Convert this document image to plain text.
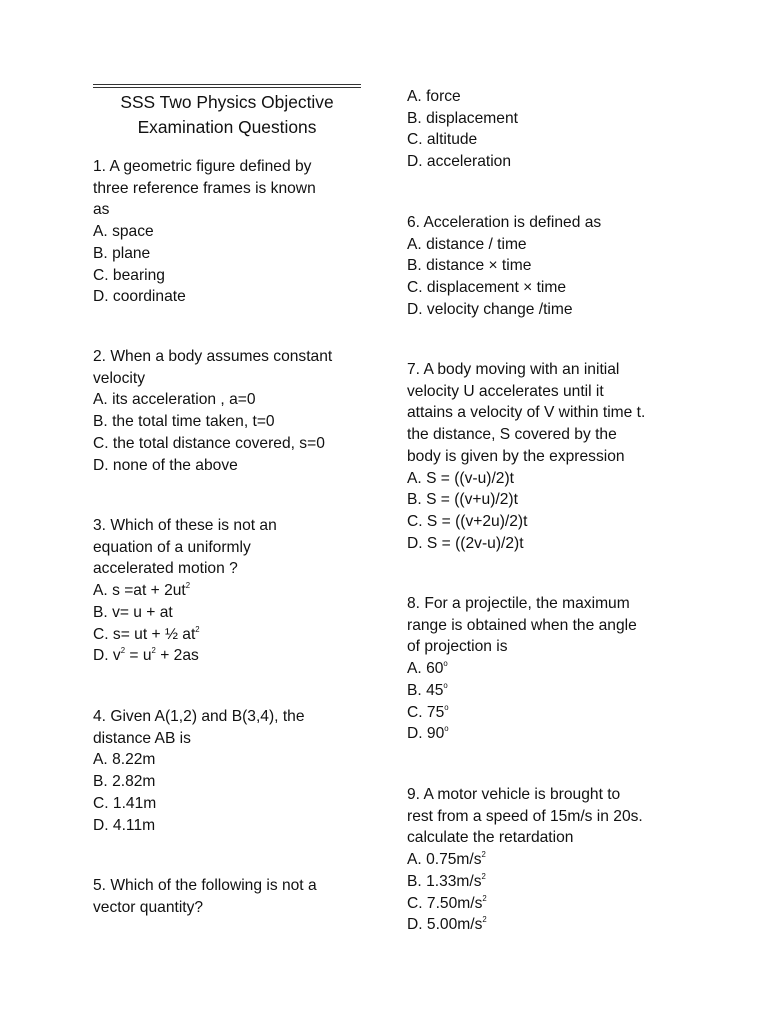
SSS Two Physics Objective
Examination Questions
1. A geometric figure defined by
three reference frames is known
as
A. space
B. plane
C. bearing
D. coordinate
2. When a body assumes constant
velocity
A. its acceleration , a=0
B. the total time taken, t=0
C. the total distance covered, s=0
D. none of the above
3. Which of these is not an
equation of a uniformly
accelerated motion ?
A. $s =at + 2ut^2$
B. v= u + at
C. s= ut + ½ $at^2$
D. $v^2 = u^2 + 2as$
4. Given A(1,2) and B(3,4), the
distance AB is
A. 8.22m
B. 2.82m
C. 1.41m
D. 4.11m
5. Which of the following is not a
vector quantity?
A. force
B. displacement
C. altitude
D. acceleration
6. Acceleration is defined as
A. distance / time
B. distance × time
C. displacement × time
D. velocity change /time
7. A body moving with an initial
velocity U accelerates until it
attains a velocity of V within time t.
the distance, S covered by the
body is given by the expression
A. S = ((v-u)/2)t
B. S = ((v+u)/2)t
C. S = ((v+2u)/2)t
D. S = ((2v-u)/2)t
8. For a projectile, the maximum
range is obtained when the angle
of projection is
A. 60$^o$
B. 45$^o$
C. 75$^o$
D. 90$^o$
9. A motor vehicle is brought to
rest from a speed of 15m/s in 20s.
calculate the retardation
A. $0.75m/s^2$
B. $1.33m/s^2$
C. $7.50m/s^2$
D. $5.00m/s^2$
